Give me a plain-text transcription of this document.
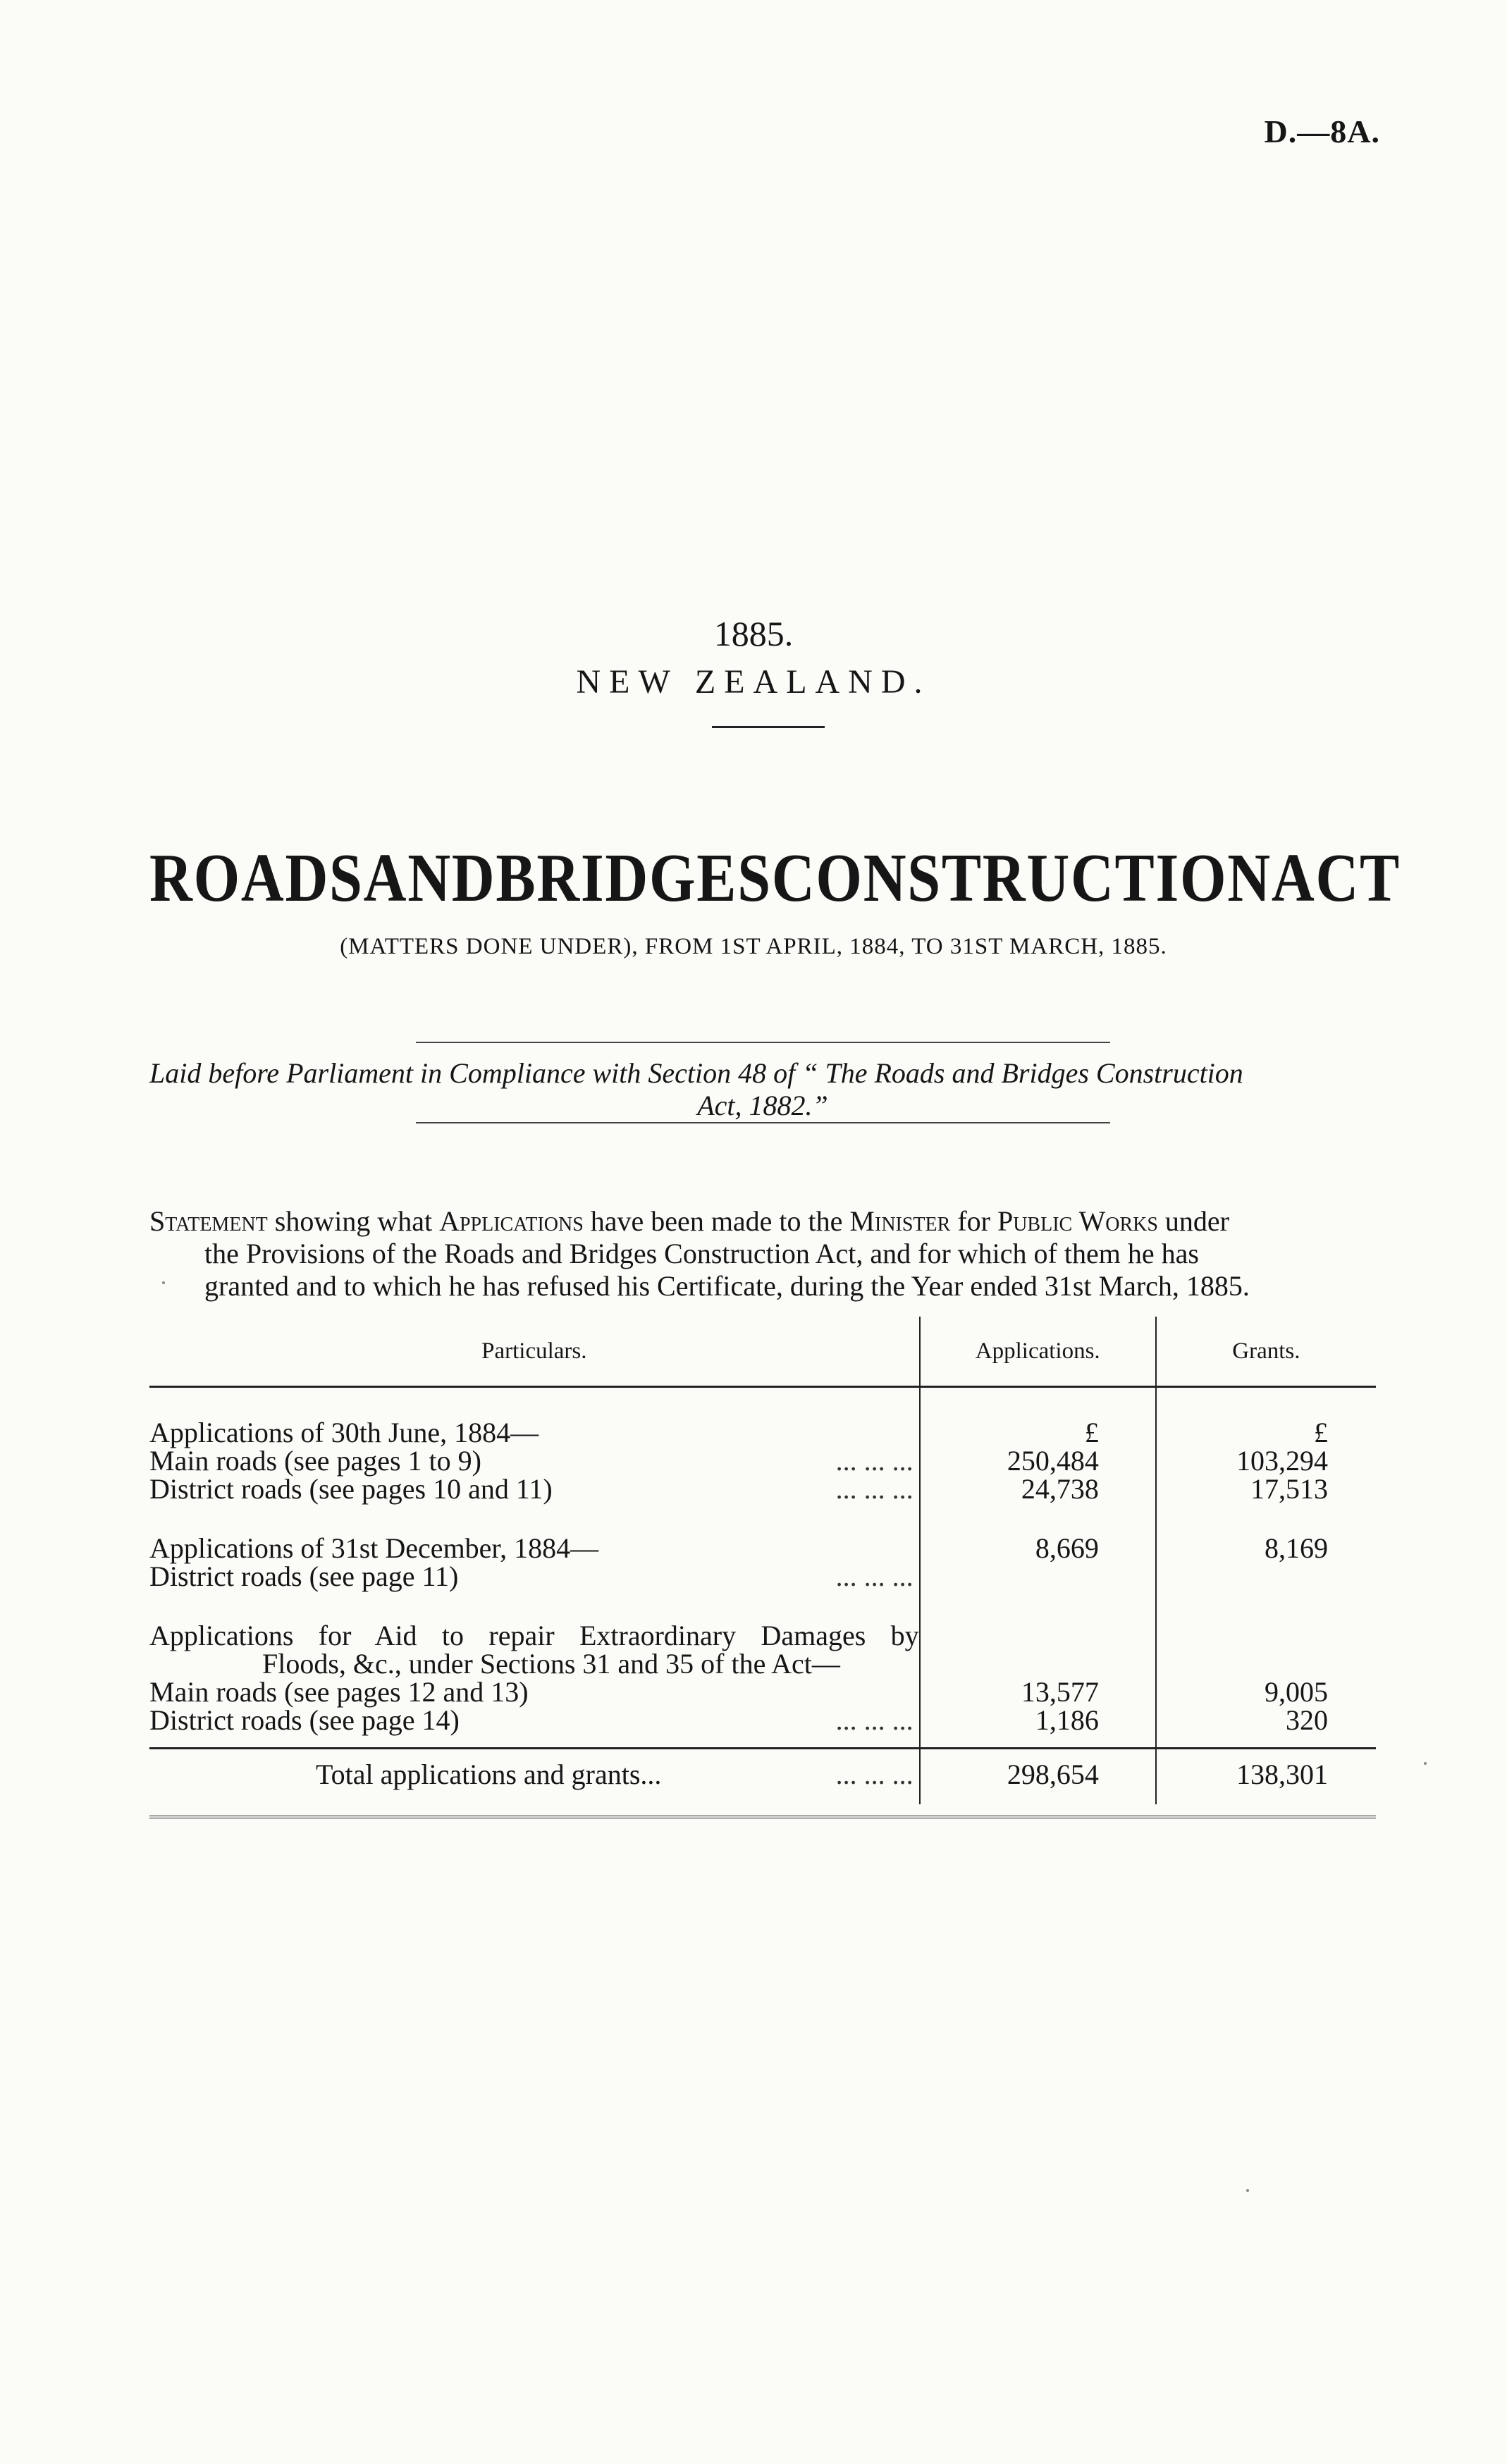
D.—8A.
1885.
NEW ZEALAND.
ROADS AND BRIDGES CONSTRUCTION ACT
(MATTERS DONE UNDER), FROM 1ST APRIL, 1884, TO 31ST MARCH, 1885.
Laid before Parliament in Compliance with Section 48 of “ The Roads and Bridges Construction
Act, 1882.”
Statement showing what Applications have been made to the Minister for Public Works under
the Provisions of the Roads and Bridges Construction Act, and for which of them he has
granted and to which he has refused his Certificate, during the Year ended 31st March, 1885.
Particulars.	Applications.	Grants.
Applications of 30th June, 1884—	£	£

Main roads (see pages 1 to 9) ... ... ...	250,484	103,294

District roads (see pages 10 and 11) ... ... ...	24,738	17,513
Applications of 31st December, 1884—	8,669	8,169

District roads (see page 11) ... ... ...		

Applications for Aid to repair Extraordinary Damages by
Floods, &c., under Sections 31 and 35 of the Act—		

Main roads (see pages 12 and 13)	13,577	9,005

District roads (see page 14) ... ... ...	1,186	320

Total applications and grants... ... ... ...	298,654	138,301
